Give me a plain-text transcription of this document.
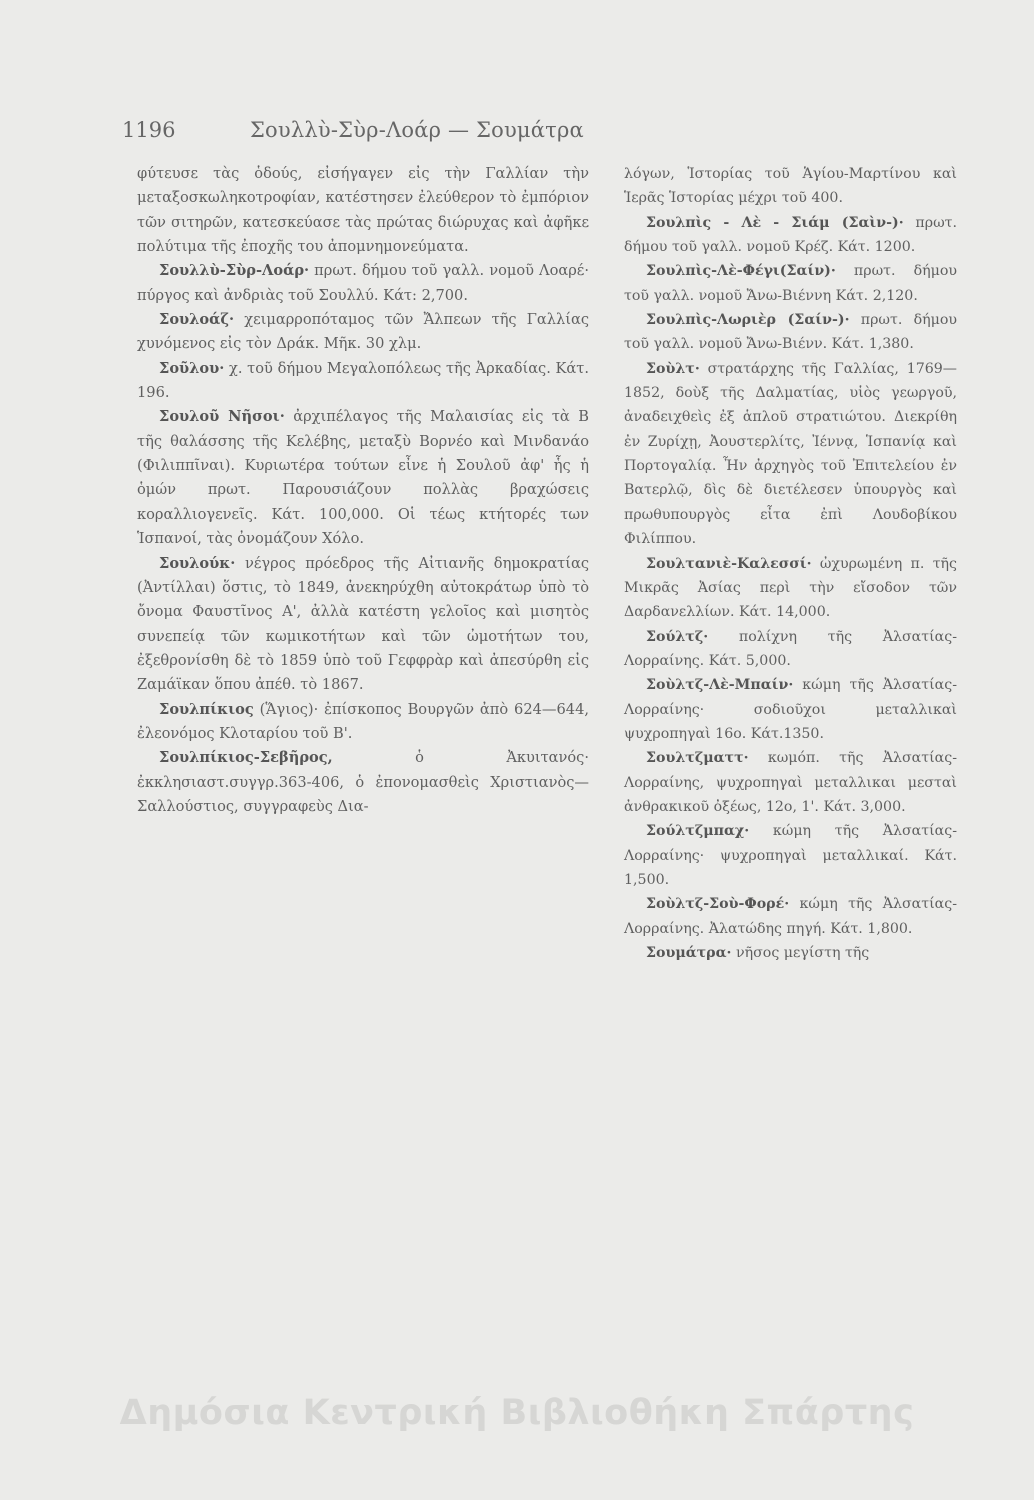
1196	Σουλλὺ-Σὺρ-Λοάρ — Σουμάτρα

φύτευσε τὰς ὁδούς, εἰσήγαγεν εἰς τὴν Γαλλίαν τὴν μεταξοσκωληκοτροφίαν, κατέστησεν ἐλεύθερον τὸ ἐμπόριον τῶν σιτηρῶν, κατεσκεύασε τὰς πρώτας διώρυχας καὶ ἀφῆκε πολύτιμα τῆς ἐποχῆς του ἀπομνημονεύματα.

Σουλλὺ-Σὺρ-Λοάρ· πρωτ. δήμου τοῦ γαλλ. νομοῦ Λοαρέ· πύργος καὶ ἀνδριὰς τοῦ Σουλλύ. Κάτ: 2,700.

Σουλοάζ· χειμαρροπόταμος τῶν Ἄλπεων τῆς Γαλλίας χυνόμενος εἰς τὸν Δράκ. Μῆκ. 30 χλμ.

Σοῦλου· χ. τοῦ δήμου Μεγαλοπόλεως τῆς Ἀρκαδίας. Κάτ. 196.

Σουλοῦ Νῆσοι· ἀρχιπέλαγος τῆς Μαλαισίας εἰς τὰ Β τῆς θαλάσσης τῆς Κελέβης, μεταξὺ Βορνέο καὶ Μινδανάο (Φιλιππῖναι). Κυριωτέρα τούτων εἶνε ἡ Σουλοῦ ἀφ' ἧς ἡ ὁμών πρωτ. Παρουσιάζουν πολλὰς βραχώσεις κοραλλιογενεῖς. Κάτ. 100,000. Οἱ τέως κτήτορές των Ἱσπανοί, τὰς ὀνομάζουν Χόλο.

Σουλούκ· νέγρος πρόεδρος τῆς Αἰτιανῆς δημοκρατίας (Ἀντίλλαι) ὅστις, τὸ 1849, ἀνεκηρύχθη αὐτοκράτωρ ὑπὸ τὸ ὄνομα Φαυστῖνος Α', ἀλλὰ κατέστη γελοῖος καὶ μισητὸς συνεπείᾳ τῶν κωμικοτήτων καὶ τῶν ὠμοτήτων του, ἐξεθρονίσθη δὲ τὸ 1859 ὑπὸ τοῦ Γεφφρὰρ καὶ ἀπεσύρθη εἰς Ζαμάϊκαν ὅπου ἀπέθ. τὸ 1867.

Σουλπίκιος (Ἅγιος)· ἐπίσκοπος Βουργῶν ἀπὸ 624—644, ἐλεονόμος Κλοταρίου τοῦ Β'.

Σουλπίκιος-Σεβῆρος, ὁ Ἀκυιτανός· ἐκκλησιαστ.συγγρ.363-406, ὁ ἐπονομασθεὶς Χριστιανὸς— Σαλλούστιος, συγγραφεὺς Δια-

λόγων, Ἱστορίας τοῦ Ἁγίου-Μαρτίνου καὶ Ἱερᾶς Ἱστορίας μέχρι τοῦ 400.

Σουλπὶς - Λὲ - Σιάμ (Σαὶν-)· πρωτ. δήμου τοῦ γαλλ. νομοῦ Κρέζ. Κάτ. 1200.

Σουλπὶς-Λὲ-Φέγι(Σαίν)· πρωτ. δήμου τοῦ γαλλ. νομοῦ Ἄνω-Βιέννη Κάτ. 2,120.

Σουλπὶς-Λωριὲρ (Σαίν-)· πρωτ. δήμου τοῦ γαλλ. νομοῦ Ἄνω-Βιένν. Κάτ. 1,380.

Σοὺλτ· στρατάρχης τῆς Γαλλίας, 1769—1852, δοὺξ τῆς Δαλματίας, υἱὸς γεωργοῦ, ἀναδειχθεὶς ἐξ ἁπλοῦ στρατιώτου. Διεκρίθη ἐν Ζυρίχῃ, Ἀουστερλίτς, Ἰέννᾳ, Ἱσπανίᾳ καὶ Πορτογαλίᾳ. Ἦν ἀρχηγὸς τοῦ Ἐπιτελείου ἐν Βατερλῷ, δὶς δὲ διετέλεσεν ὑπουργὸς καὶ πρωθυπουργὸς εἶτα ἐπὶ Λουδοβίκου Φιλίππου.

Σουλτανιὲ-Καλεσσί· ὠχυρωμένη π. τῆς Μικρᾶς Ἀσίας περὶ τὴν εἴσοδον τῶν Δαρδανελλίων. Κάτ. 14,000.

Σούλτζ· πολίχνη τῆς Ἀλσατίας-Λορραίνης. Κάτ. 5,000.

Σοὺλτζ-Λὲ-Μπαίν· κώμη τῆς Ἀλσατίας-Λορραίνης· σοδιοῦχοι μεταλλικαὶ ψυχροπηγαὶ 16ο. Κάτ.1350.

Σουλτζματτ· κωμόπ. τῆς Ἀλσατίας-Λορραίνης, ψυχροπηγαὶ μεταλλικαι μεσταὶ ἀνθρακικοῦ ὀξέως, 12ο, 1'. Κάτ. 3,000.

Σούλτζμπαχ· κώμη τῆς Ἀλσατίας-Λορραίνης· ψυχροπηγαὶ μεταλλικαί. Κάτ. 1,500.

Σοὺλτζ-Σοὺ-Φορέ· κώμη τῆς Ἀλσατίας-Λορραίνης. Ἀλατώδης πηγή. Κάτ. 1,800.

Σουμάτρα· νῆσος μεγίστη τῆς

Δημόσια Κεντρική Βιβλιοθήκη Σπάρτης
